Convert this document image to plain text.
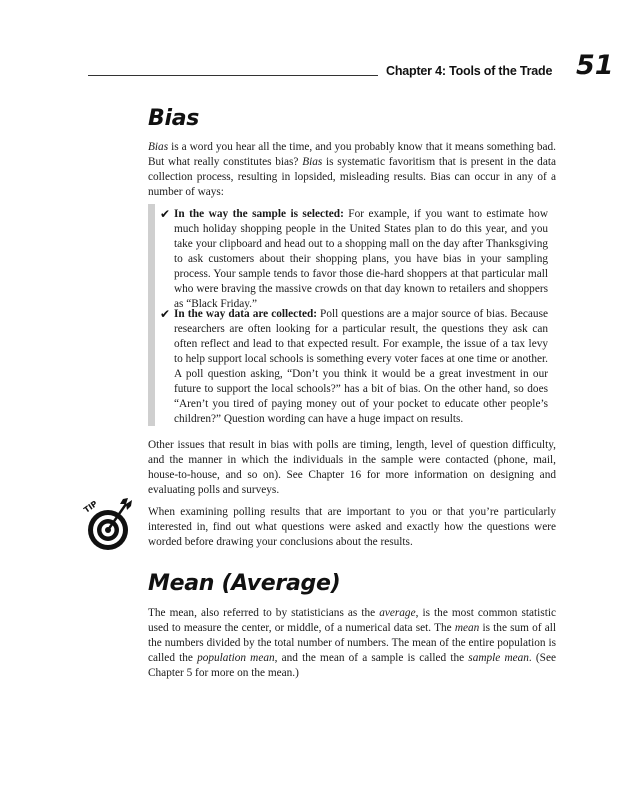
Chapter 4: Tools of the Trade 51
Bias

Bias is a word you hear all the time, and you probably know that it means something bad. But what really constitutes bias? Bias is systematic favoritism that is present in the data collection process, resulting in lopsided, misleading results. Bias can occur in any of a number of ways:

✔ In the way the sample is selected: For example, if you want to estimate how much holiday shopping people in the United States plan to do this year, and you take your clipboard and head out to a shopping mall on the day after Thanksgiving to ask customers about their shopping plans, you have bias in your sampling process. Your sample tends to favor those die-hard shoppers at that particular mall who were braving the massive crowds on that day known to retailers and shoppers as “Black Friday.”
✔ In the way data are collected: Poll questions are a major source of bias. Because researchers are often looking for a particular result, the questions they ask can often reflect and lead to that expected result. For example, the issue of a tax levy to help support local schools is something every voter faces at one time or another. A poll question asking, “Don’t you think it would be a great investment in our future to support the local schools?” has a bit of bias. On the other hand, so does “Aren’t you tired of paying money out of your pocket to educate other people’s children?” Question wording can have a huge impact on results.

Other issues that result in bias with polls are timing, length, level of question difficulty, and the manner in which the individuals in the sample were contacted (phone, mail, house-to-house, and so on). See Chapter 16 for more information on designing and evaluating polls and surveys.

TIP	When examining polling results that are important to you or that you’re particularly interested in, find out what questions were asked and exactly how the questions were worded before drawing your conclusions about the results.

Mean (Average)

The mean, also referred to by statisticians as the average, is the most common statistic used to measure the center, or middle, of a numerical data set. The mean is the sum of all the numbers divided by the total number of numbers. The mean of the entire population is called the population mean, and the mean of a sample is called the sample mean. (See Chapter 5 for more on the mean.)
